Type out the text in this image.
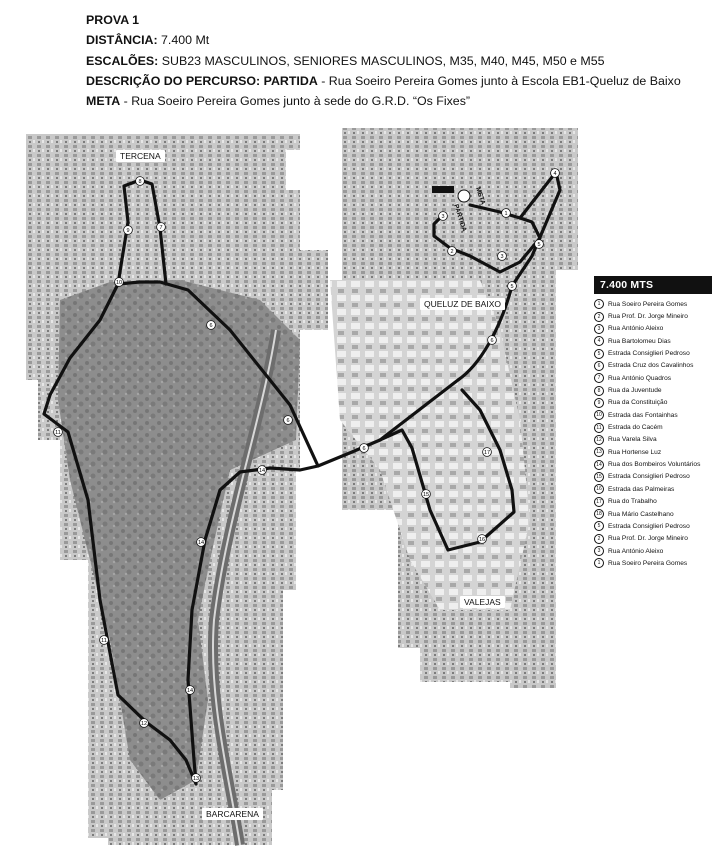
PROVA 1
DISTÂNCIA: 7.400 Mt
ESCALÕES: SUB23 MASCULINOS, SENIORES MASCULINOS, M35, M40, M45, M50 e M55
DESCRIÇÃO DO PERCURSO: PARTIDA - Rua Soeiro Pereira Gomes junto à Escola EB1-Queluz de Baixo
META - Rua Soeiro Pereira Gomes junto à sede do G.R.D. “Os Fixes”
1
2
3
3
4
5
5
6
6
6
6
7
8
9
10
11
11
12
13
14
14
14
15
16
17
PARTIDA
META
TERCENA
QUELUZ DE BAIXO
VALEJAS
BARCARENA
7.400 MTS
1	Rua Soeiro Pereira Gomes
2	Rua Prof. Dr. Jorge Mineiro
3	Rua António Aleixo
4	Rua Bartolomeu Dias
5	Estrada Consiglieri Pedroso
6	Estrada Cruz dos Cavalinhos
7	Rua António Quadros
8	Rua da Juventude
9	Rua da Constituição
10 Estrada das Fontainhas
11 Estrada do Cacém
12 Rua Varela Silva
13 Rua Hortense Luz
14 Rua dos Bombeiros Voluntários
15 Estrada Consiglieri Pedroso
16 Estrada das Palmeiras
17 Rua do Trabalho
18 Rua Mário Castelhano
5	Estrada Consiglieri Pedroso
2	Rua Prof. Dr. Jorge Mineiro
3	Rua António Aleixo
1	Rua Soeiro Pereira Gomes
